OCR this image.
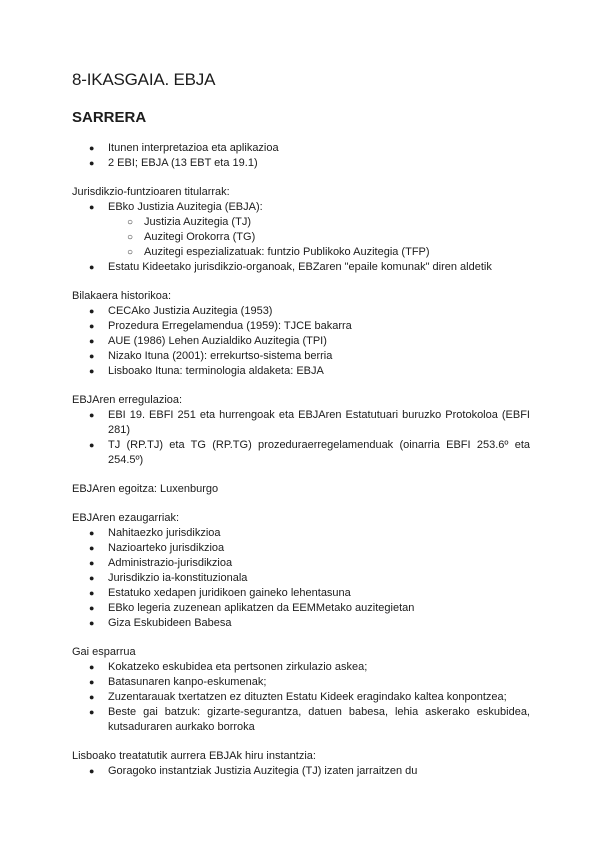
8-IKASGAIA. EBJA
SARRERA
● Itunen interpretazioa eta aplikazioa
● 2 EBI; EBJA (13 EBT eta 19.1)

Jurisdikzio-funtzioaren titularrak:

● EBko Justizia Auzitegia (EBJA):
○ Justizia Auzitegia (TJ)
○ Auzitegi Orokorra (TG)
○ Auzitegi espezializatuak: funtzio Publikoko Auzitegia (TFP)
● Estatu Kideetako jurisdikzio-organoak, EBZaren "epaile komunak" diren aldetik

Bilakaera historikoa:

● CECAko Justizia Auzitegia (1953)
● Prozedura Erregelamendua (1959): TJCE bakarra
● AUE (1986) Lehen Auzialdiko Auzitegia (TPI)
● Nizako Ituna (2001): errekurtso-sistema berria
● Lisboako Ituna: terminologia aldaketa: EBJA

EBJAren erregulazioa:

● EBI 19. EBFI 251 eta hurrengoak eta EBJAren Estatutuari buruzko Protokoloa (EBFI 281)
● TJ (RP.TJ) eta TG (RP.TG) prozeduraerregelamenduak (oinarria EBFI 253.6º eta 254.5º)

EBJAren egoitza: Luxenburgo

EBJAren ezaugarriak:

● Nahitaezko jurisdikzioa
● Nazioarteko jurisdikzioa
● Administrazio-jurisdikzioa
● Jurisdikzio ia-konstituzionala
● Estatuko xedapen juridikoen gaineko lehentasuna
● EBko legeria zuzenean aplikatzen da EEMMetako auzitegietan
● Giza Eskubideen Babesa

Gai esparrua

● Kokatzeko eskubidea eta pertsonen zirkulazio askea;
● Batasunaren kanpo-eskumenak;
● Zuzentarauak txertatzen ez dituzten Estatu Kideek eragindako kaltea konpontzea;
● Beste gai batzuk: gizarte-segurantza, datuen babesa, lehia askerako eskubidea, kutsaduraren aurkako borroka

Lisboako treatatutik aurrera EBJAk hiru instantzia:

● Goragoko instantziak Justizia Auzitegia (TJ) izaten jarraitzen du
